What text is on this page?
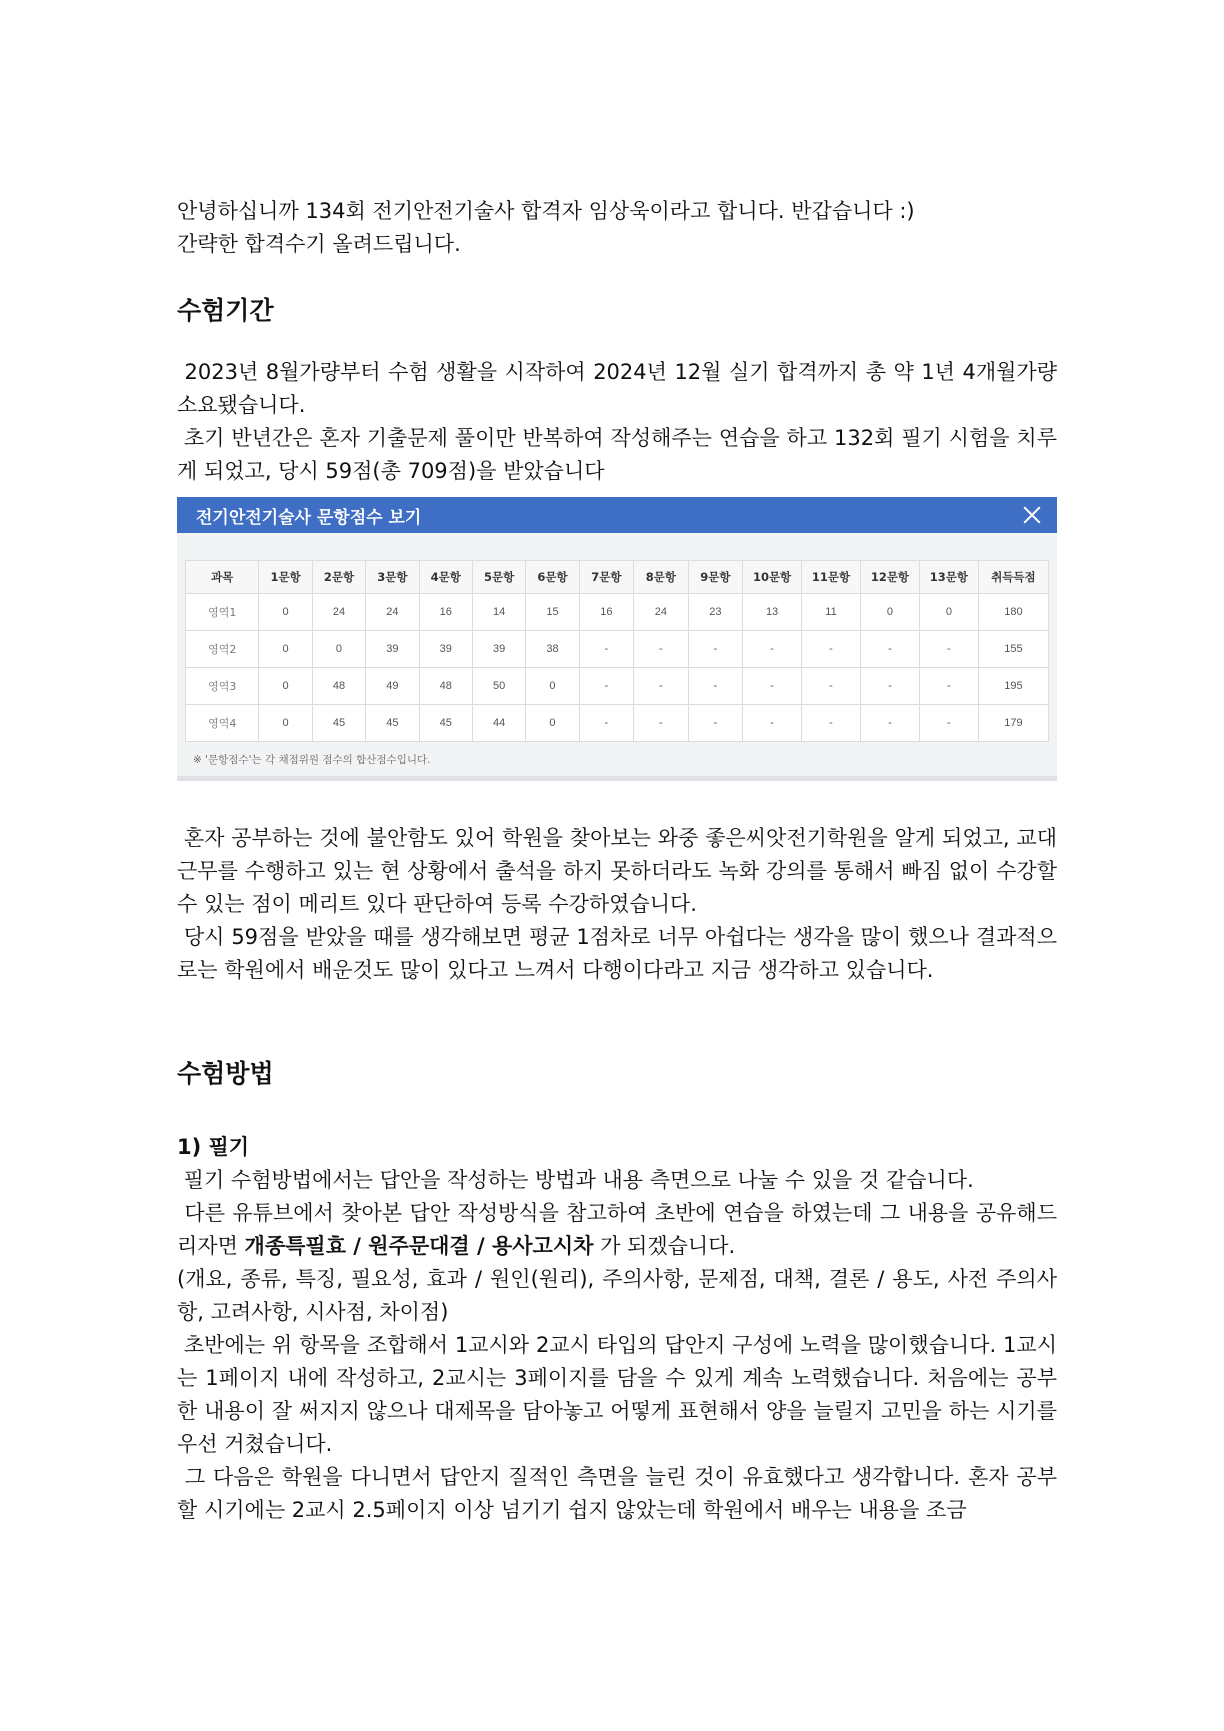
안녕하십니까 134회 전기안전기술사 합격자 임상욱이라고 합니다. 반갑습니다 :)

간략한 합격수기 올려드립니다.

수험기간

2023년 8월가량부터 수험 생활을 시작하여 2024년 12월 실기 합격까지 총 약 1년 4개월가량 소요됐습니다.

초기 반년간은 혼자 기출문제 풀이만 반복하여 작성해주는 연습을 하고 132회 필기 시험을 치루게 되었고, 당시 59점(총 709점)을 받았습니다

전기안전기술사 문항점수 보기
과목	1문항	2문항	3문항	4문항	5문항	6문항	7문항	8문항	9문항	10문항	11문항	12문항	13문항	취득득점
영역1	0	24	24	16	14	15	16	24	23	13	11	0	0	180
영역2	0	0	39	39	39	38	-	-	-	-	-	-	-	155
영역3	0	48	49	48	50	0	-	-	-	-	-	-	-	195
영역4	0	45	45	45	44	0	-	-	-	-	-	-	-	179
※ '문항점수'는 각 채점위원 점수의 합산점수입니다.

혼자 공부하는 것에 불안함도 있어 학원을 찾아보는 와중 좋은씨앗전기학원을 알게 되었고, 교대근무를 수행하고 있는 현 상황에서 출석을 하지 못하더라도 녹화 강의를 통해서 빠짐 없이 수강할 수 있는 점이 메리트 있다 판단하여 등록 수강하였습니다.

당시 59점을 받았을 때를 생각해보면 평균 1점차로 너무 아쉽다는 생각을 많이 했으나 결과적으로는 학원에서 배운것도 많이 있다고 느껴서 다행이다라고 지금 생각하고 있습니다.

수험방법
1) 필기

필기 수험방법에서는 답안을 작성하는 방법과 내용 측면으로 나눌 수 있을 것 같습니다.

다른 유튜브에서 찾아본 답안 작성방식을 참고하여 초반에 연습을 하였는데 그 내용을 공유해드리자면 개종특필효 / 원주문대결 / 용사고시차 가 되겠습니다.

(개요, 종류, 특징, 필요성, 효과 / 원인(원리), 주의사항, 문제점, 대책, 결론 / 용도, 사전 주의사항, 고려사항, 시사점, 차이점)

초반에는 위 항목을 조합해서 1교시와 2교시 타입의 답안지 구성에 노력을 많이했습니다. 1교시는 1페이지 내에 작성하고, 2교시는 3페이지를 담을 수 있게 계속 노력했습니다. 처음에는 공부한 내용이 잘 써지지 않으나 대제목을 담아놓고 어떻게 표현해서 양을 늘릴지 고민을 하는 시기를 우선 거쳤습니다.

그 다음은 학원을 다니면서 답안지 질적인 측면을 늘린 것이 유효했다고 생각합니다. 혼자 공부할 시기에는 2교시 2.5페이지 이상 넘기기 쉽지 않았는데 학원에서 배우는 내용을 조금
